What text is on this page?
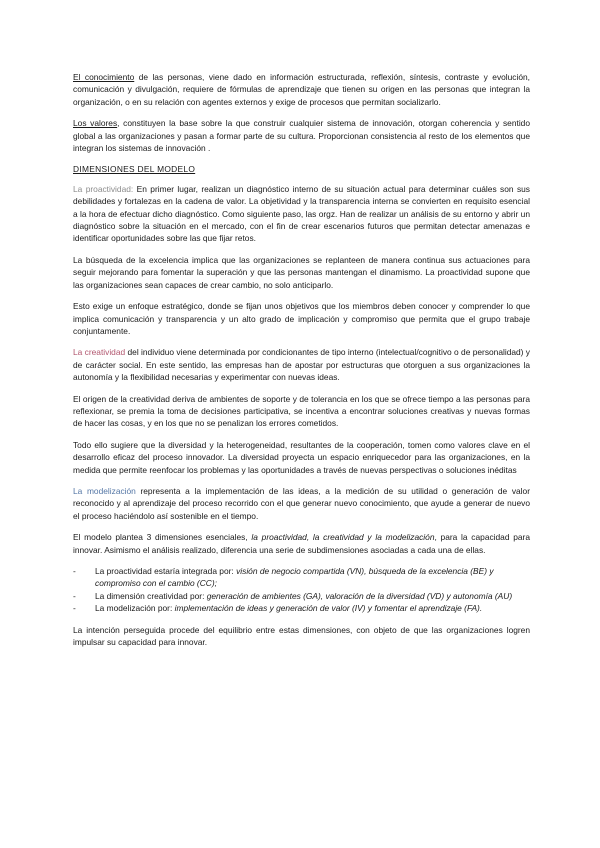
El conocimiento de las personas, viene dado en información estructurada, reflexión, síntesis, contraste y evolución, comunicación y divulgación, requiere de fórmulas de aprendizaje que tienen su origen en las personas que integran la organización, o en su relación con agentes externos y exige de procesos que permitan socializarlo.

Los valores, constituyen la base sobre la que construir cualquier sistema de innovación, otorgan coherencia y sentido global a las organizaciones y pasan a formar parte de su cultura. Proporcionan consistencia al resto de los elementos que integran los sistemas de innovación .

DIMENSIONES DEL MODELO

La proactividad: En primer lugar, realizan un diagnóstico interno de su situación actual para determinar cuáles son sus debilidades y fortalezas en la cadena de valor. La objetividad y la transparencia interna se convierten en requisito esencial a la hora de efectuar dicho diagnóstico. Como siguiente paso, las orgz. Han de realizar un análisis de su entorno y abrir un diagnóstico sobre la situación en el mercado, con el fin de crear escenarios futuros que permitan detectar amenazas e identificar oportunidades sobre las que fijar retos.

La búsqueda de la excelencia implica que las organizaciones se replanteen de manera continua sus actuaciones para seguir mejorando para fomentar la superación y que las personas mantengan el dinamismo. La proactividad supone que las organizaciones sean capaces de crear cambio, no solo anticiparlo.

Esto exige un enfoque estratégico, donde se fijan unos objetivos que los miembros deben conocer y comprender lo que implica comunicación y transparencia y un alto grado de implicación y compromiso que permita que el grupo trabaje conjuntamente.

La creatividad del individuo viene determinada por condicionantes de tipo interno (intelectual/cognitivo o de personalidad) y de carácter social. En este sentido, las empresas han de apostar por estructuras que otorguen a sus organizaciones la autonomía y la flexibilidad necesarias y experimentar con nuevas ideas.

El origen de la creatividad deriva de ambientes de soporte y de tolerancia en los que se ofrece tiempo a las personas para reflexionar, se premia la toma de decisiones participativa, se incentiva a encontrar soluciones creativas y nuevas formas de hacer las cosas, y en los que no se penalizan los errores cometidos.

Todo ello sugiere que la diversidad y la heterogeneidad, resultantes de la cooperación, tomen como valores clave en el desarrollo eficaz del proceso innovador. La diversidad proyecta un espacio enriquecedor para las organizaciones, en la medida que permite reenfocar los problemas y las oportunidades a través de nuevas perspectivas o soluciones inéditas

La modelización representa a la implementación de las ideas, a la medición de su utilidad o generación de valor reconocido y al aprendizaje del proceso recorrido con el que generar nuevo conocimiento, que ayude a generar de nuevo el proceso haciéndolo así sostenible en el tiempo.

El modelo plantea 3 dimensiones esenciales, la proactividad, la creatividad y la modelización, para la capacidad para innovar. Asimismo el análisis realizado, diferencia una serie de subdimensiones asociadas a cada una de ellas.

-	La proactividad estaría integrada por: visión de negocio compartida (VN), búsqueda de la excelencia (BE) y compromiso con el cambio (CC);
-	La dimensión creatividad por: generación de ambientes (GA), valoración de la diversidad (VD) y autonomía (AU)
-	La modelización por: implementación de ideas y generación de valor (IV) y fomentar el aprendizaje (FA).

La intención perseguida procede del equilibrio entre estas dimensiones, con objeto de que las organizaciones logren impulsar su capacidad para innovar.
